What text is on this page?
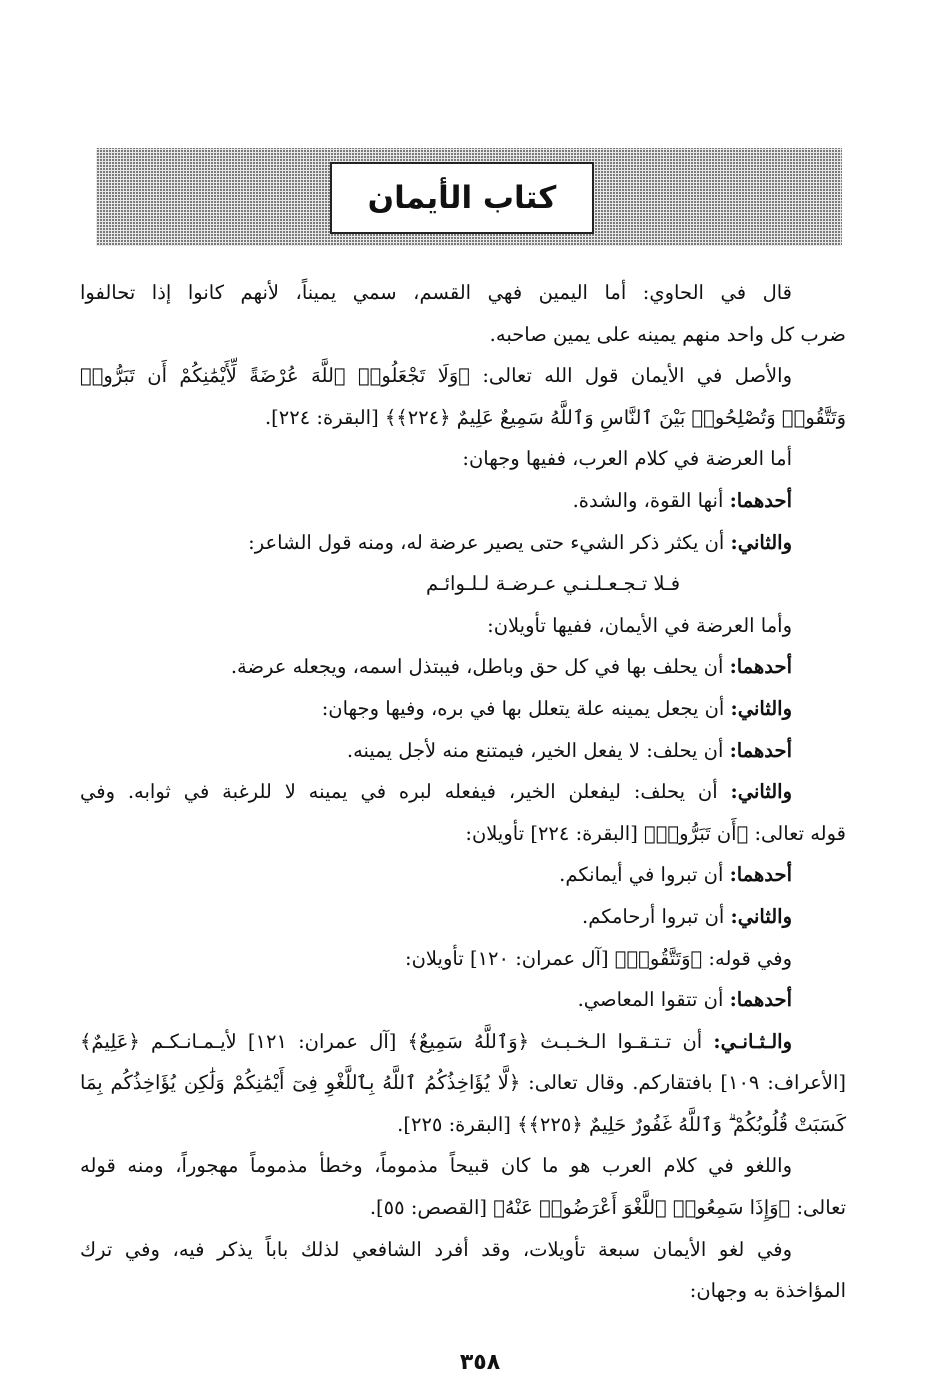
كتاب الأيمان
قال في الحاوي: أما اليمين فهي القسم، سمي يميناً، لأنهم كانوا إذا تحالفوا
ضرب كل واحد منهم يمينه على يمين صاحبه.
والأصل في الأيمان قول الله تعالى: ﴿وَلَا تَجْعَلُوا۟ ٱللَّهَ عُرْضَةً لِّأَيْمَٰنِكُمْ أَن تَبَرُّوا۟
وَتَتَّقُوا۟ وَتُصْلِحُوا۟ بَيْنَ ٱلنَّاسِ وَٱللَّهُ سَمِيعٌ عَلِيمٌ ﴿٢٢٤﴾﴾ [البقرة: ٢٢٤].
أما العرضة في كلام العرب، ففيها وجهان:
أحدهما: أنها القوة، والشدة.
والثاني: أن يكثر ذكر الشيء حتى يصير عرضة له، ومنه قول الشاعر:
فـلا تـجـعـلـنـي عـرضـة لـلـوائـم
وأما العرضة في الأيمان، ففيها تأويلان:
أحدهما: أن يحلف بها في كل حق وباطل، فيبتذل اسمه، ويجعله عرضة.
والثاني: أن يجعل يمينه علة يتعلل بها في بره، وفيها وجهان:
أحدهما: أن يحلف: لا يفعل الخير، فيمتنع منه لأجل يمينه.
والثاني: أن يحلف: ليفعلن الخير، فيفعله لبره في يمينه لا للرغبة في ثوابه. وفي
قوله تعالى: ﴿أَن تَبَرُّوا۟﴾ [البقرة: ٢٢٤] تأويلان:
أحدهما: أن تبروا في أيمانكم.
والثاني: أن تبروا أرحامكم.
وفي قوله: ﴿وَتَتَّقُوا۟﴾ [آل عمران: ١٢٠] تأويلان:
أحدهما: أن تتقوا المعاصي.
والـثـانـي: أن تـتـقـوا الـخـبـث ﴿وَٱللَّهُ سَمِيعٌ﴾ [آل عمران: ١٢١] لأيـمـانـكـم ﴿عَلِيمٌ﴾
[الأعراف: ١٠٩] بافتقاركم. وقال تعالى: ﴿لَّا يُؤَاخِذُكُمُ ٱللَّهُ بِٱللَّغْوِ فِىٓ أَيْمَٰنِكُمْ وَلَٰكِن يُؤَاخِذُكُم بِمَا
كَسَبَتْ قُلُوبُكُمْ ۗ وَٱللَّهُ غَفُورٌ حَلِيمٌ ﴿٢٢٥﴾﴾ [البقرة: ٢٢٥].
واللغو في كلام العرب هو ما كان قبيحاً مذموماً، وخطأ مذموماً مهجوراً، ومنه قوله
تعالى: ﴿وَإِذَا سَمِعُوا۟ ٱللَّغْوَ أَعْرَضُوا۟ عَنْهُ﴾ [القصص: ٥٥].
وفي لغو الأيمان سبعة تأويلات، وقد أفرد الشافعي لذلك باباً يذكر فيه، وفي ترك
المؤاخذة به وجهان:
٣٥٨
